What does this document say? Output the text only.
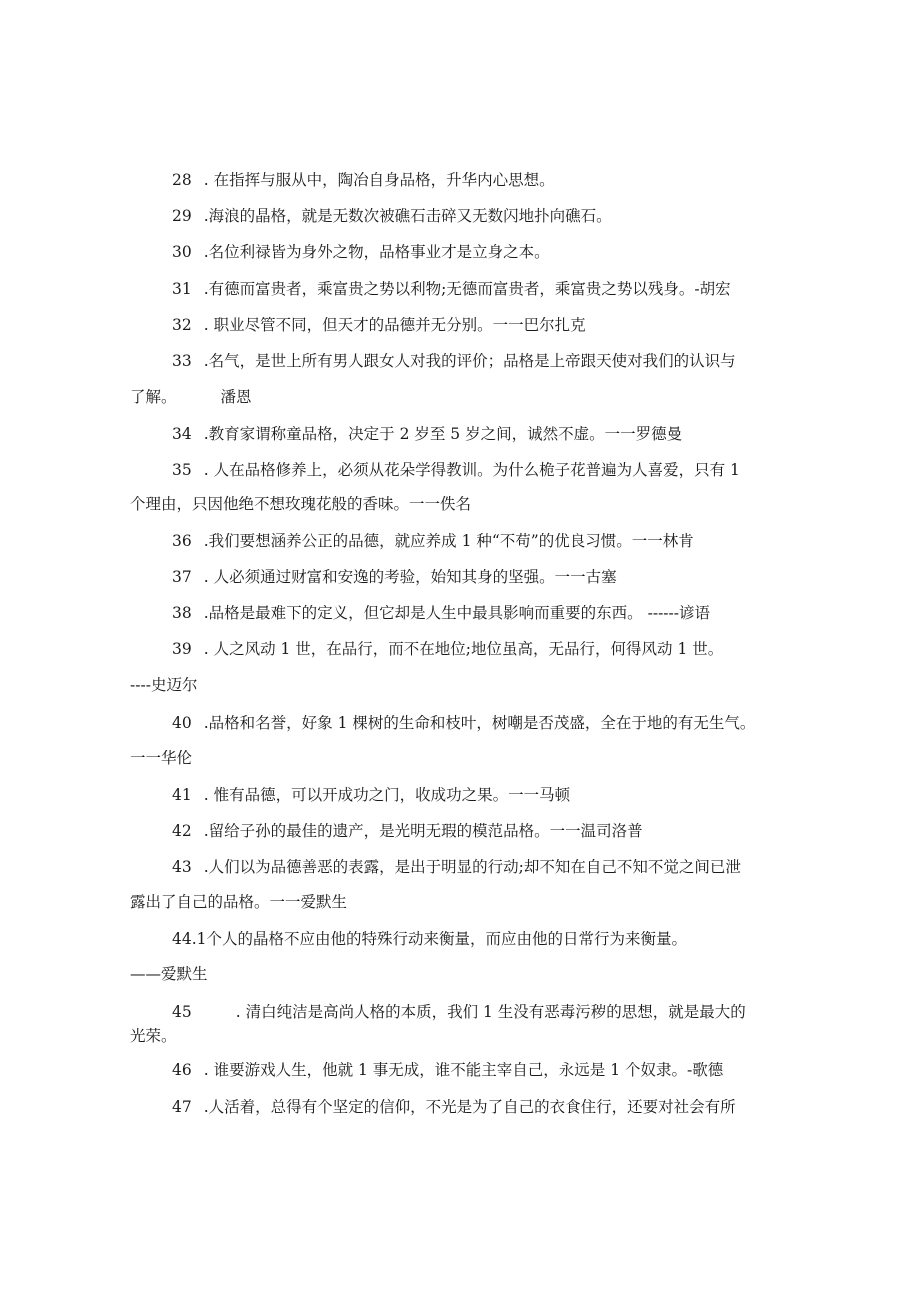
28 . 在指挥与服从中，陶冶自身品格，升华内心思想。
29 .海浪的晶格，就是无数次被礁石击碎又无数闪地扑向礁石。
30 .名位利禄皆为身外之物，品格事业才是立身之本。
31 .有德而富贵者，乘富贵之势以利物;无德而富贵者，乘富贵之势以残身。-胡宏
32 . 职业尽管不同，但天才的品德并无分别。一一巴尔扎克
33 .名气，是世上所有男人跟女人对我的评价；品格是上帝跟天使对我们的认识与
了解。	潘恩
34 .教育家谓称童品格，决定于 2 岁至 5 岁之间，诚然不虚。一一罗德曼
35 . 人在品格修养上，必须从花朵学得教训。为什么桅子花普遍为人喜爱，只有 1
个理由，只因他绝不想玫瑰花般的香味。一一佚名
36 .我们要想涵养公正的品德，就应养成 1 种“不苟”的优良习惯。一一林肯
37 . 人必须通过财富和安逸的考验，始知其身的坚强。一一古塞
38 .品格是最难下的定义，但它却是人生中最具影响而重要的东西。 ------谚语
39 . 人之风动 1 世，在品行，而不在地位;地位虽高，无品行，何得风动 1 世。
----史迈尔
40 .品格和名誉，好象 1 棵树的生命和枝叶，树嘲是否茂盛，全在于地的有无生气。
一一华伦
41 . 惟有品德，可以开成功之门，收成功之果。一一马顿
42 .留给子孙的最佳的遗产，是光明无瑕的模范品格。一一温司洛普
43 .人们以为品德善恶的表露，是出于明显的行动;却不知在自己不知不觉之间已泄
露出了自己的品格。一一爱默生
44.1个人的晶格不应由他的特殊行动来衡量，而应由他的日常行为来衡量。
——爱默生
45	. 清白纯洁是高尚人格的本质，我们 1 生没有恶毒污秽的思想，就是最大的
光荣。
46 . 谁要游戏人生，他就 1 事无成，谁不能主宰自己，永远是 1 个奴隶。-歌德
47 .人活着，总得有个坚定的信仰，不光是为了自己的衣食住行，还要对社会有所
